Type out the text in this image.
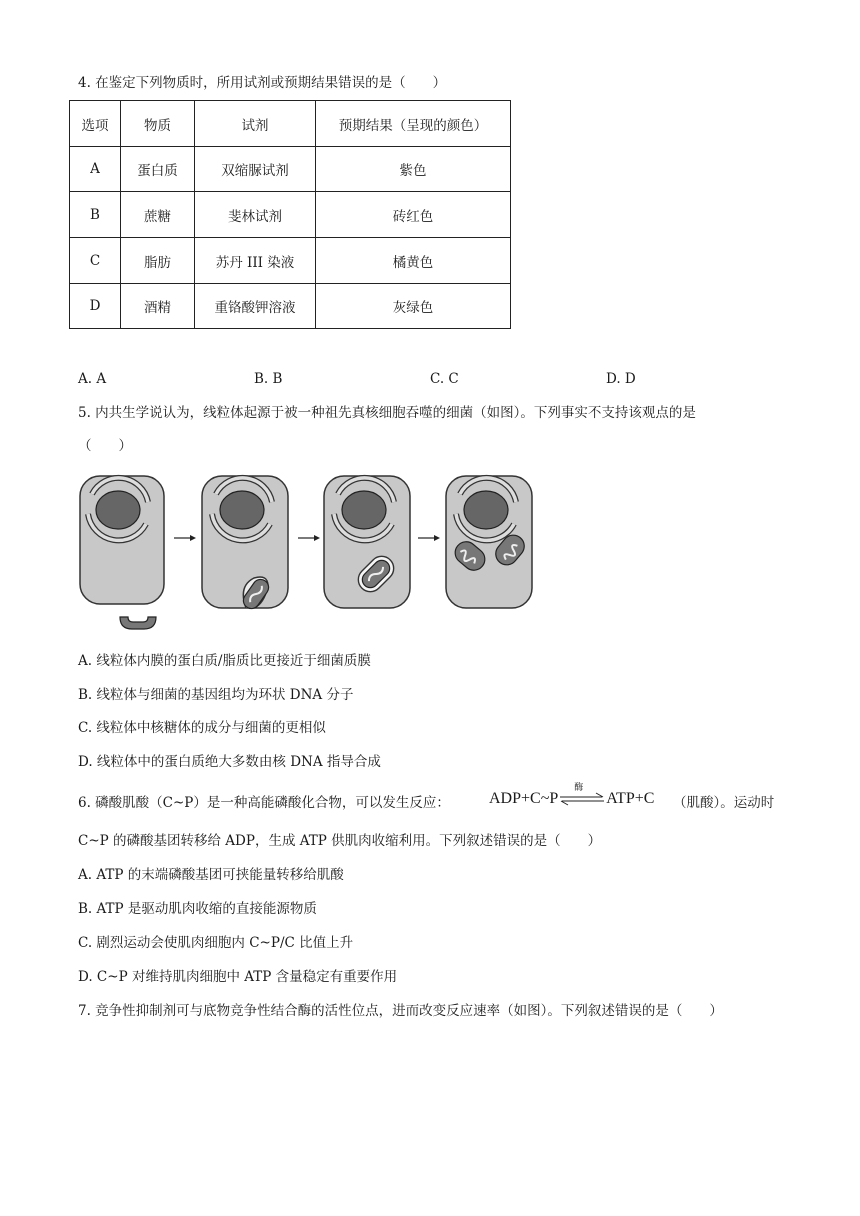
4. 在鉴定下列物质时，所用试剂或预期结果错误的是（　　）
选项	物质	试剂	预期结果（呈现的颜色）
A	蛋白质	双缩脲试剂	紫色
B	蔗糖	斐林试剂	砖红色
C	脂肪	苏丹 III 染液	橘黄色
D	酒精	重铬酸钾溶液	灰绿色
A. A	B. B	C. C	D. D
5. 内共生学说认为，线粒体起源于被一种祖先真核细胞吞噬的细菌（如图）。下列事实不支持该观点的是
（　　）
A. 线粒体内膜的蛋白质/脂质比更接近于细菌质膜
B. 线粒体与细菌的基因组均为环状 DNA 分子
C. 线粒体中核糖体的成分与细菌的更相似
D. 线粒体中的蛋白质绝大多数由核 DNA 指导合成
6. 磷酸肌酸（C~P）是一种高能磷酸化合物，可以发生反应： ADP+C~P
酶
ATP+C （肌酸）。运动时
C~P 的磷酸基团转移给 ADP，生成 ATP 供肌肉收缩利用。下列叙述错误的是（　　）
A. ATP 的末端磷酸基团可挟能量转移给肌酸
B. ATP 是驱动肌肉收缩的直接能源物质
C. 剧烈运动会使肌肉细胞内 C~P/C 比值上升
D. C~P 对维持肌肉细胞中 ATP 含量稳定有重要作用
7. 竞争性抑制剂可与底物竞争性结合酶的活性位点，进而改变反应速率（如图）。下列叙述错误的是（　　）
